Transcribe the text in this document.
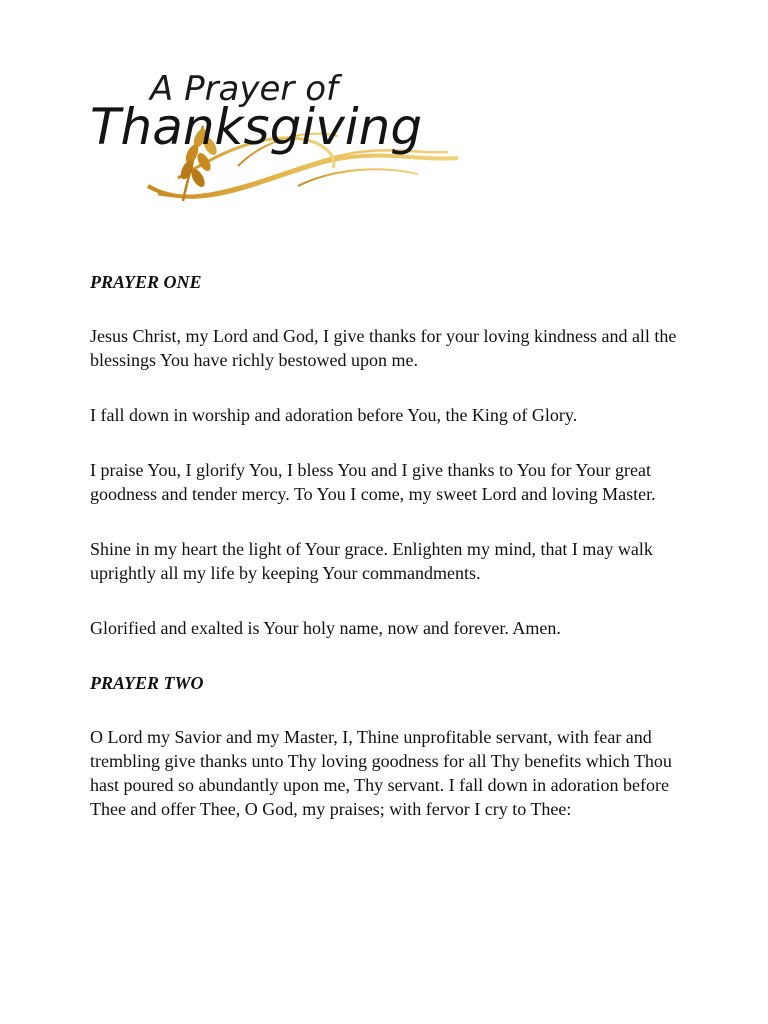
A Prayer of
Thanksgiving
PRAYER ONE

Jesus Christ, my Lord and God, I give thanks for your loving kindness and all the blessings You have richly bestowed upon me.

I fall down in worship and adoration before You, the King of Glory.

I praise You, I glorify You, I bless You and I give thanks to You for Your great goodness and tender mercy. To You I come, my sweet Lord and loving Master.

Shine in my heart the light of Your grace. Enlighten my mind, that I may walk uprightly all my life by keeping Your commandments.

Glorified and exalted is Your holy name, now and forever. Amen.

PRAYER TWO

O Lord my Savior and my Master, I, Thine unprofitable servant, with fear and trembling give thanks unto Thy loving goodness for all Thy benefits which Thou hast poured so abundantly upon me, Thy servant. I fall down in adoration before Thee and offer Thee, O God, my praises; with fervor I cry to Thee:
